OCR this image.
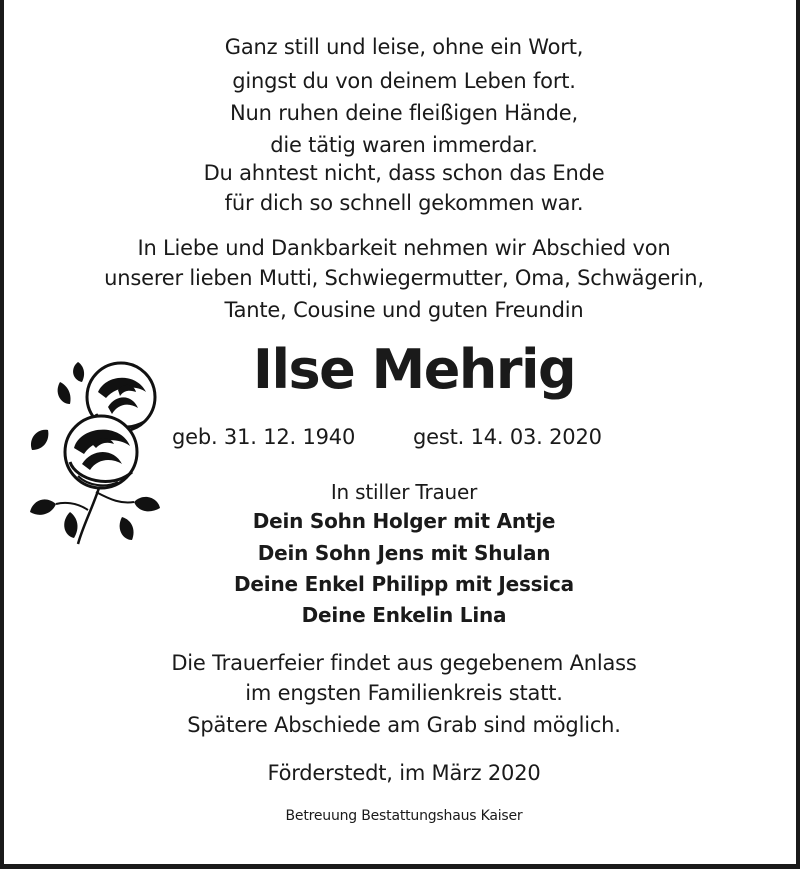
Ganz still und leise, ohne ein Wort,
gingst du von deinem Leben fort.
Nun ruhen deine fleißigen Hände,
die tätig waren immerdar.
Du ahntest nicht, dass schon das Ende
für dich so schnell gekommen war.
In Liebe und Dankbarkeit nehmen wir Abschied von
unserer lieben Mutti, Schwiegermutter, Oma, Schwägerin,
Tante, Cousine und guten Freundin
Ilse Mehrig
geb. 31. 12. 1940	gest. 14. 03. 2020
In stiller Trauer
Dein Sohn Holger mit Antje
Dein Sohn Jens mit Shulan
Deine Enkel Philipp mit Jessica
Deine Enkelin Lina
Die Trauerfeier findet aus gegebenem Anlass
im engsten Familienkreis statt.
Spätere Abschiede am Grab sind möglich.
Förderstedt, im März 2020
Betreuung Bestattungshaus Kaiser
